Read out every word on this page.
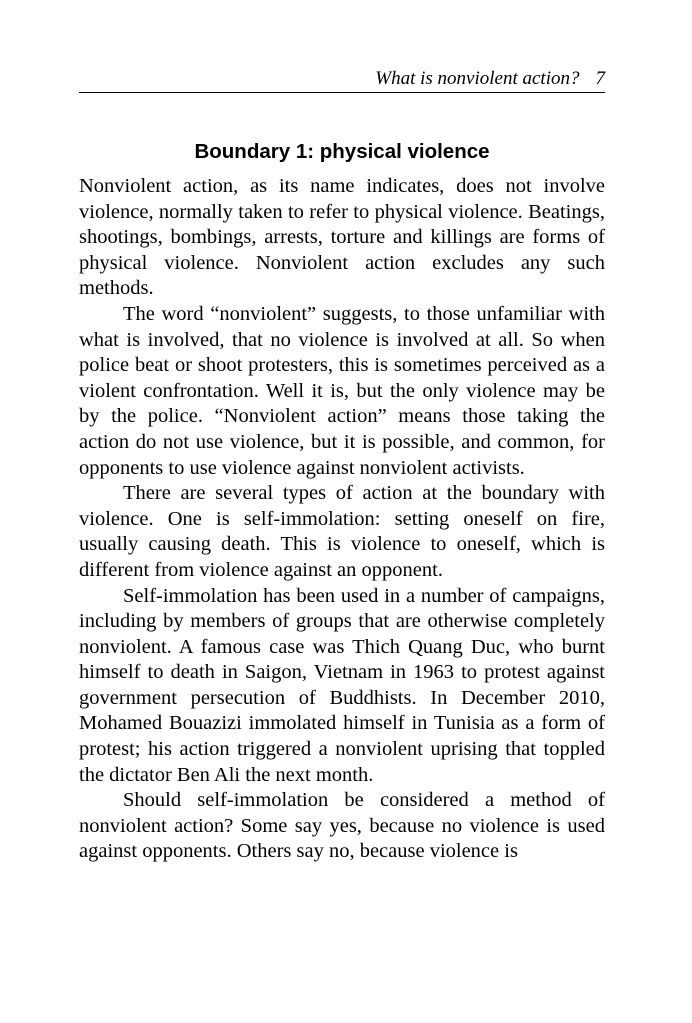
What is nonviolent action? 7
Boundary 1: physical violence

Nonviolent action, as its name indicates, does not involve violence, normally taken to refer to physical violence. Beatings, shootings, bombings, arrests, torture and killings are forms of physical violence. Nonviolent action excludes any such methods.

The word “nonviolent” suggests, to those unfamiliar with what is involved, that no violence is involved at all. So when police beat or shoot protesters, this is sometimes perceived as a violent confrontation. Well it is, but the only violence may be by the police. “Nonviolent action” means those taking the action do not use violence, but it is possible, and common, for opponents to use violence against nonviolent activists.

There are several types of action at the boundary with violence. One is self-immolation: setting oneself on fire, usually causing death. This is violence to oneself, which is different from violence against an opponent.

Self-immolation has been used in a number of campaigns, including by members of groups that are otherwise completely nonviolent. A famous case was Thich Quang Duc, who burnt himself to death in Saigon, Vietnam in 1963 to protest against government persecution of Buddhists. In December 2010, Mohamed Bouazizi immolated himself in Tunisia as a form of protest; his action triggered a nonviolent uprising that toppled the dictator Ben Ali the next month.

Should self-immolation be considered a method of nonviolent action? Some say yes, because no violence is used against opponents. Others say no, because violence is
